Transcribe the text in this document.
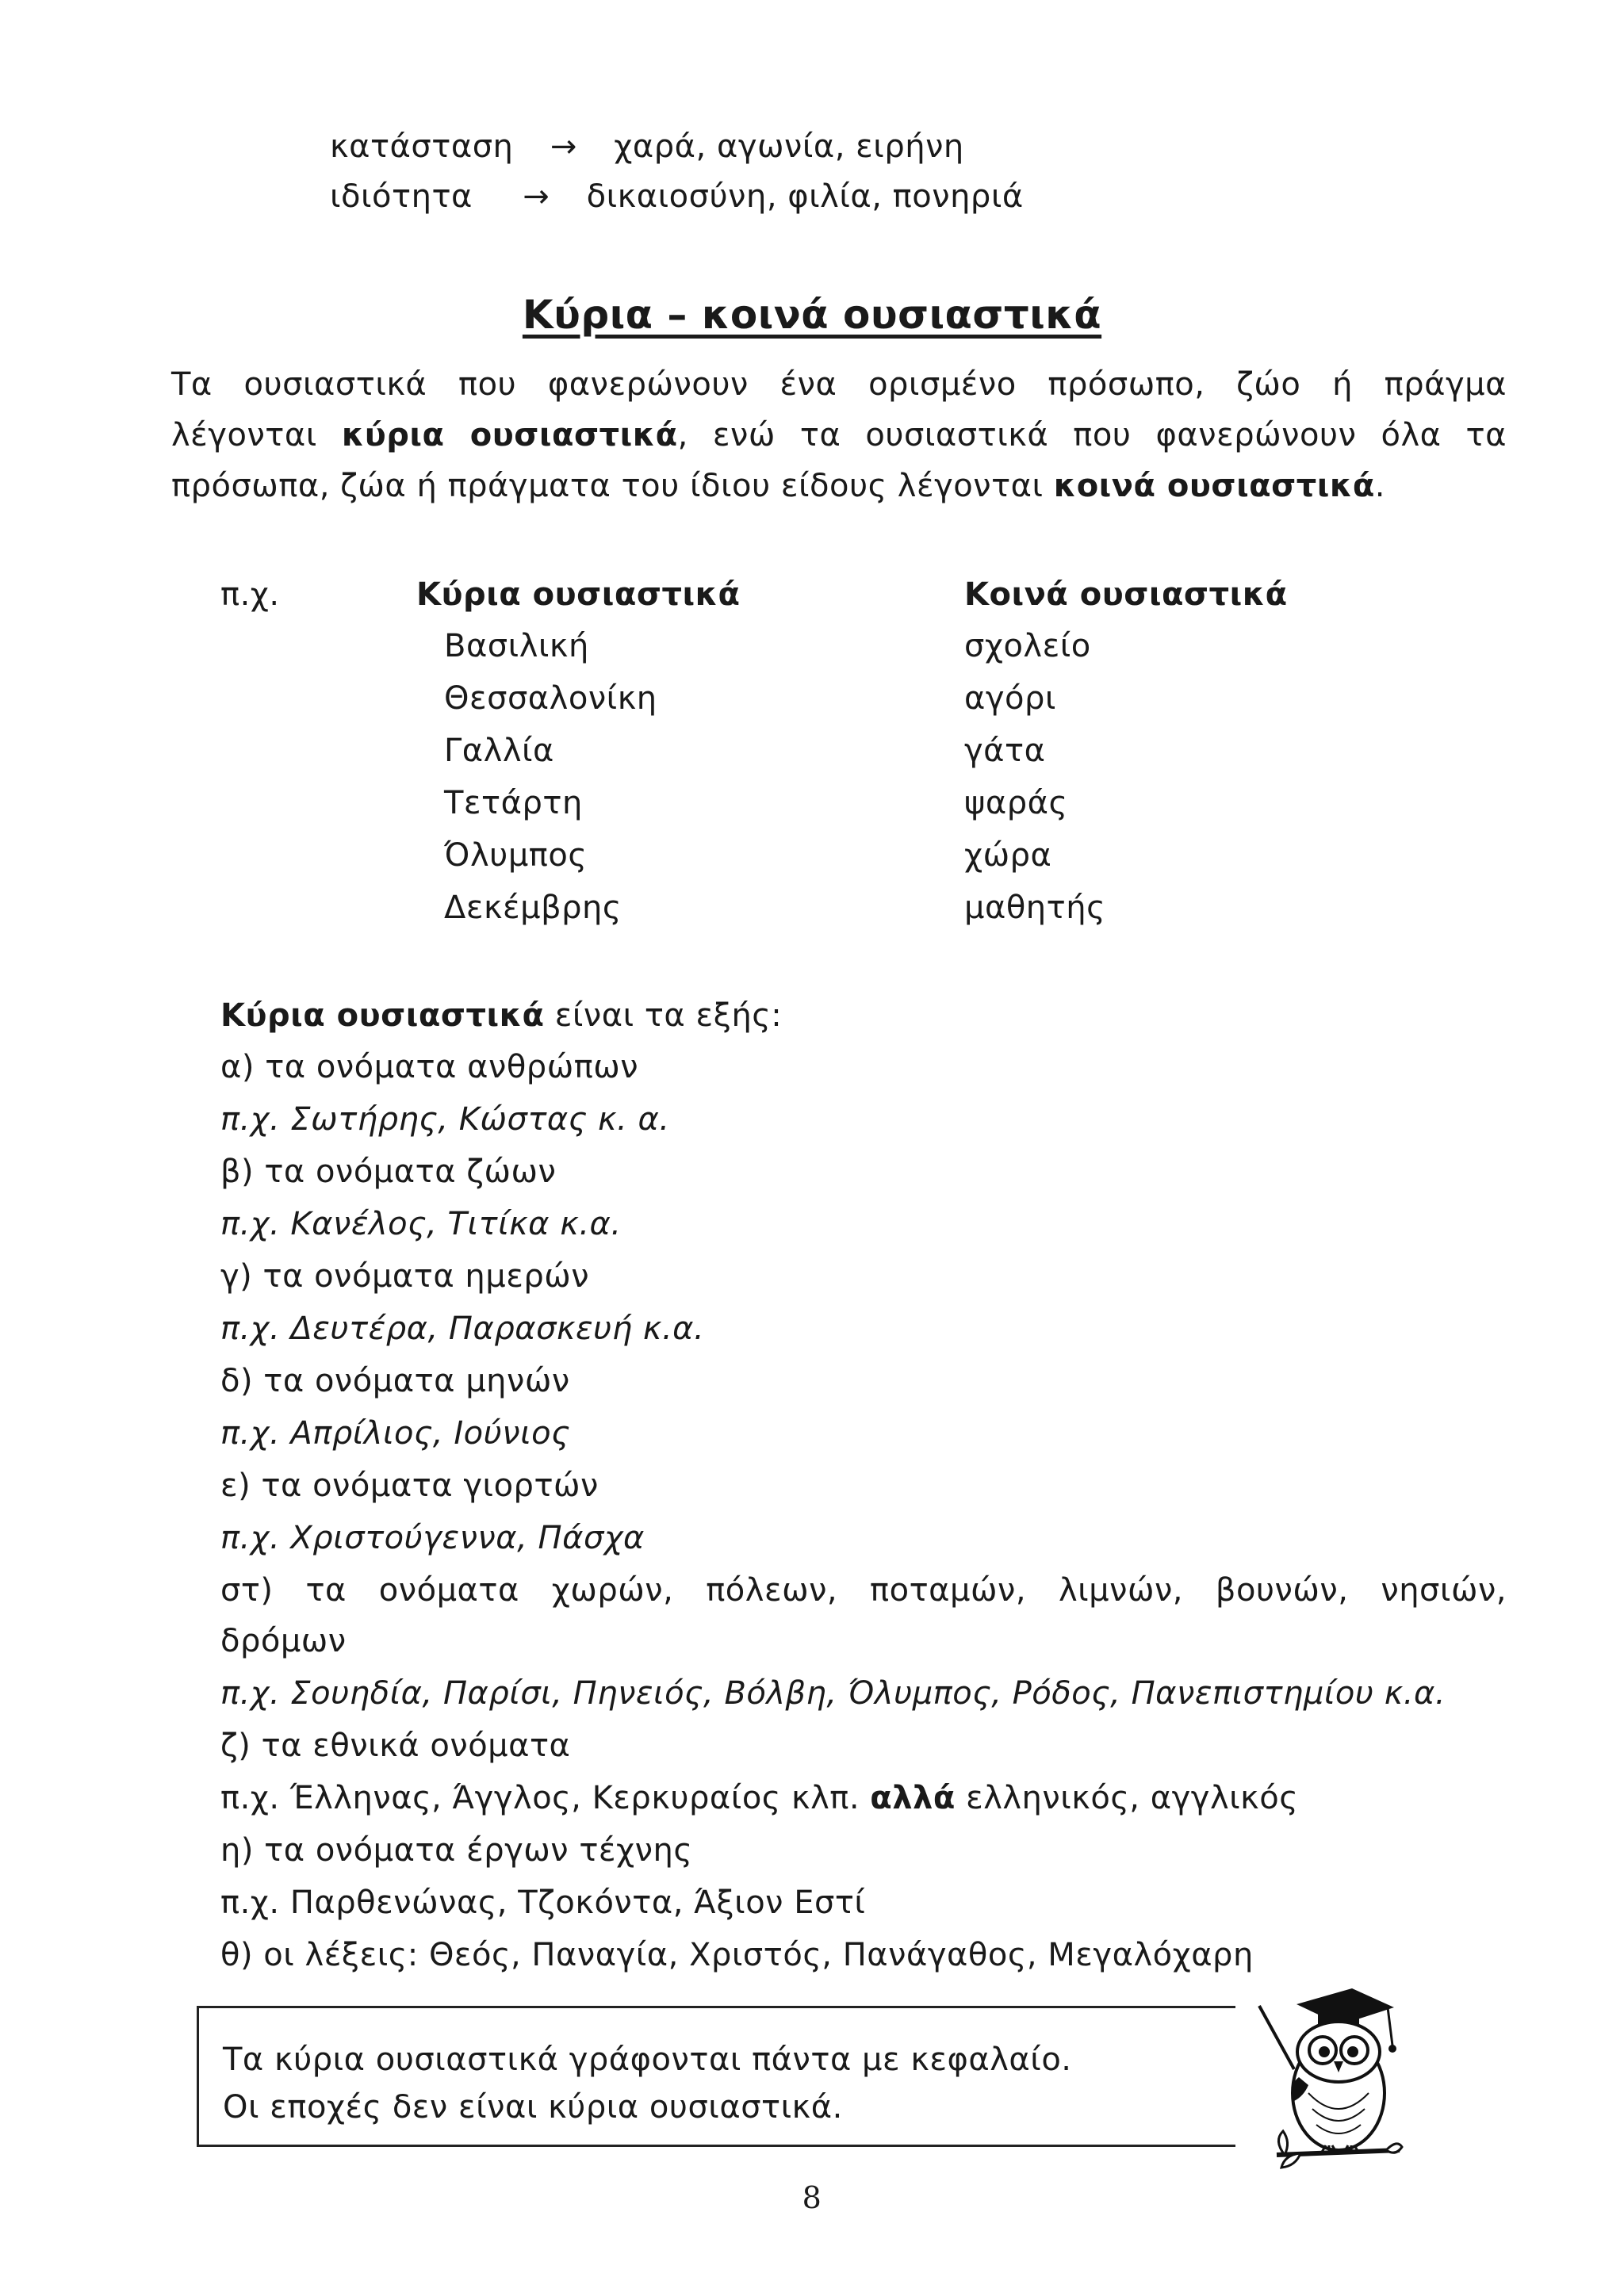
κατάσταση → χαρά, αγωνία, ειρήνη
ιδιότητα → δικαιοσύνη, φιλία, πονηριά
Κύρια – κοινά ουσιαστικά
Τα ουσιαστικά που φανερώνουν ένα ορισμένο πρόσωπο, ζώο ή πράγμα
λέγονται κύρια ουσιαστικά, ενώ τα ουσιαστικά που φανερώνουν όλα τα
πρόσωπα, ζώα ή πράγματα του ίδιου είδους λέγονται κοινά ουσιαστικά.
π.χ.	Κύρια ουσιαστικά	Κοινά ουσιαστικά
Βασιλική
Θεσσαλονίκη
Γαλλία
Τετάρτη
Όλυμπος
Δεκέμβρης
σχολείο
αγόρι
γάτα
ψαράς
χώρα
μαθητής
Κύρια ουσιαστικά είναι τα εξής:
α) τα ονόματα ανθρώπων
π.χ. Σωτήρης, Κώστας κ. α.
β) τα ονόματα ζώων
π.χ. Κανέλος, Τιτίκα κ.α.
γ) τα ονόματα ημερών
π.χ. Δευτέρα, Παρασκευή κ.α.
δ) τα ονόματα μηνών
π.χ. Απρίλιος, Ιούνιος
ε) τα ονόματα γιορτών
π.χ. Χριστούγεννα, Πάσχα
στ) τα ονόματα χωρών, πόλεων, ποταμών, λιμνών, βουνών, νησιών,
δρόμων
π.χ. Σουηδία, Παρίσι, Πηνειός, Βόλβη, Όλυμπος, Ρόδος, Πανεπιστημίου κ.α.
ζ) τα εθνικά ονόματα
π.χ. Έλληνας, Άγγλος, Κερκυραίος κλπ. αλλά ελληνικός, αγγλικός
η) τα ονόματα έργων τέχνης
π.χ. Παρθενώνας, Τζοκόντα, Άξιον Εστί
θ) οι λέξεις: Θεός, Παναγία, Χριστός, Πανάγαθος, Μεγαλόχαρη
Τα κύρια ουσιαστικά γράφονται πάντα με κεφαλαίο.
Οι εποχές δεν είναι κύρια ουσιαστικά.
8
